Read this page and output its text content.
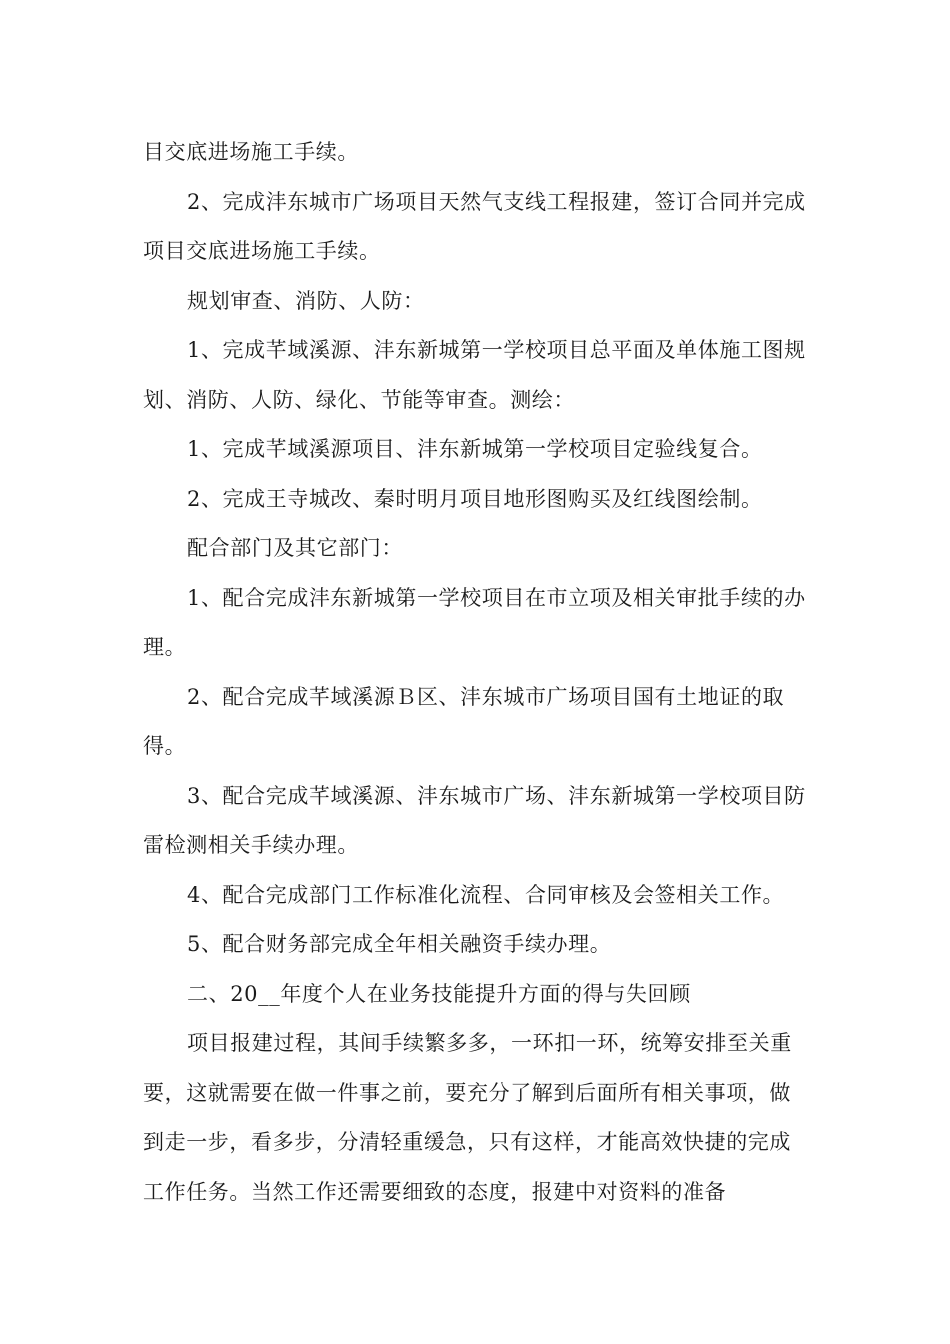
目交底进场施工手续。

2、完成沣东城市广场项目天然气支线工程报建，签订合同并完成项目交底进场施工手续。

规划审查、消防、人防：

1、完成芊域溪源、沣东新城第一学校项目总平面及单体施工图规划、消防、人防、绿化、节能等审查。测绘：

1、完成芊域溪源项目、沣东新城第一学校项目定验线复合。

2、完成王寺城改、秦时明月项目地形图购买及红线图绘制。

配合部门及其它部门：

1、配合完成沣东新城第一学校项目在市立项及相关审批手续的办理。

2、配合完成芊域溪源Ｂ区、沣东城市广场项目国有土地证的取得。

3、配合完成芊域溪源、沣东城市广场、沣东新城第一学校项目防雷检测相关手续办理。

4、配合完成部门工作标准化流程、合同审核及会签相关工作。

5、配合财务部完成全年相关融资手续办理。

二、20__年度个人在业务技能提升方面的得与失回顾

项目报建过程，其间手续繁多多，一环扣一环，统筹安排至关重要，这就需要在做一件事之前，要充分了解到后面所有相关事项，做到走一步，看多步，分清轻重缓急，只有这样，才能高效快捷的完成工作任务。当然工作还需要细致的态度，报建中对资料的准备
